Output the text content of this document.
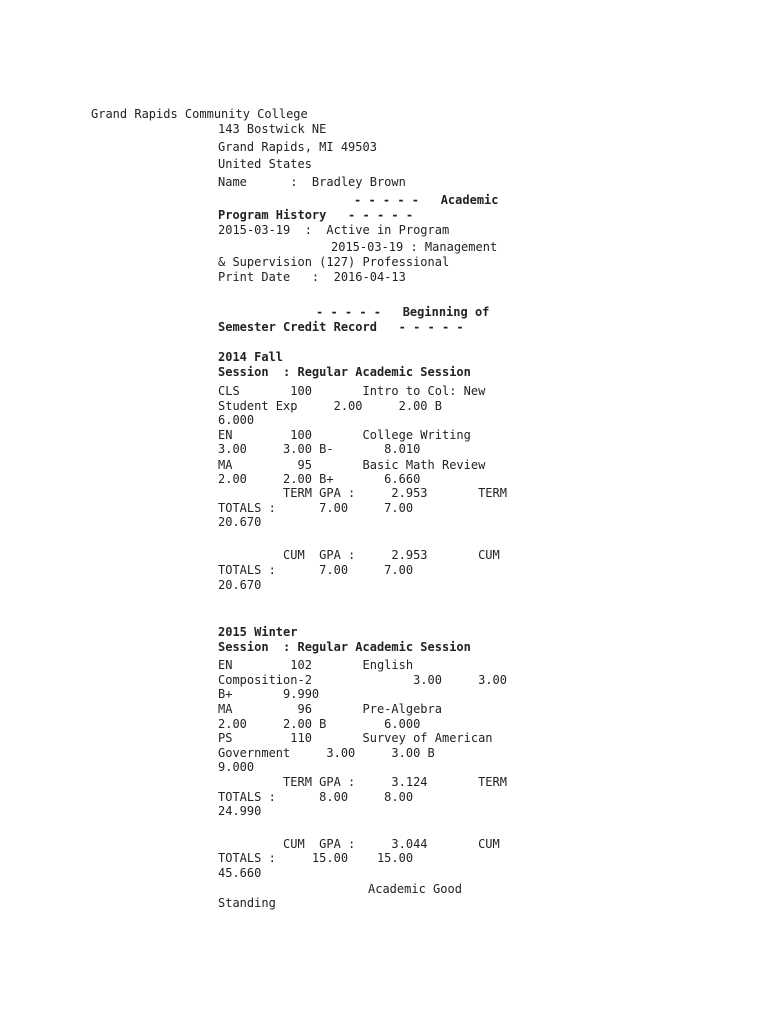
Grand Rapids Community College
143 Bostwick NE
Grand Rapids, MI 49503
United States
Name      :  Bradley Brown
- - - - -   Academic
Program History   - - - - -
2015-03-19  :  Active in Program
2015-03-19 : Management
& Supervision (127) Professional
Print Date   :  2016-04-13
- - - - -   Beginning of
Semester Credit Record   - - - - -
2014 Fall
Session  : Regular Academic Session
CLS       100       Intro to Col: New
Student Exp     2.00     2.00 B
6.000
EN        100       College Writing
3.00     3.00 B-       8.010
MA         95       Basic Math Review
2.00     2.00 B+       6.660
TERM GPA :     2.953       TERM
TOTALS :      7.00     7.00
20.670
CUM  GPA :     2.953       CUM
TOTALS :      7.00     7.00
20.670
2015 Winter
Session  : Regular Academic Session
EN        102       English
Composition-2              3.00     3.00
B+       9.990
MA         96       Pre-Algebra
2.00     2.00 B        6.000
PS        110       Survey of American
Government     3.00     3.00 B
9.000
TERM GPA :     3.124       TERM
TOTALS :      8.00     8.00
24.990
CUM  GPA :     3.044       CUM
TOTALS :     15.00    15.00
45.660
Academic Good
Standing
